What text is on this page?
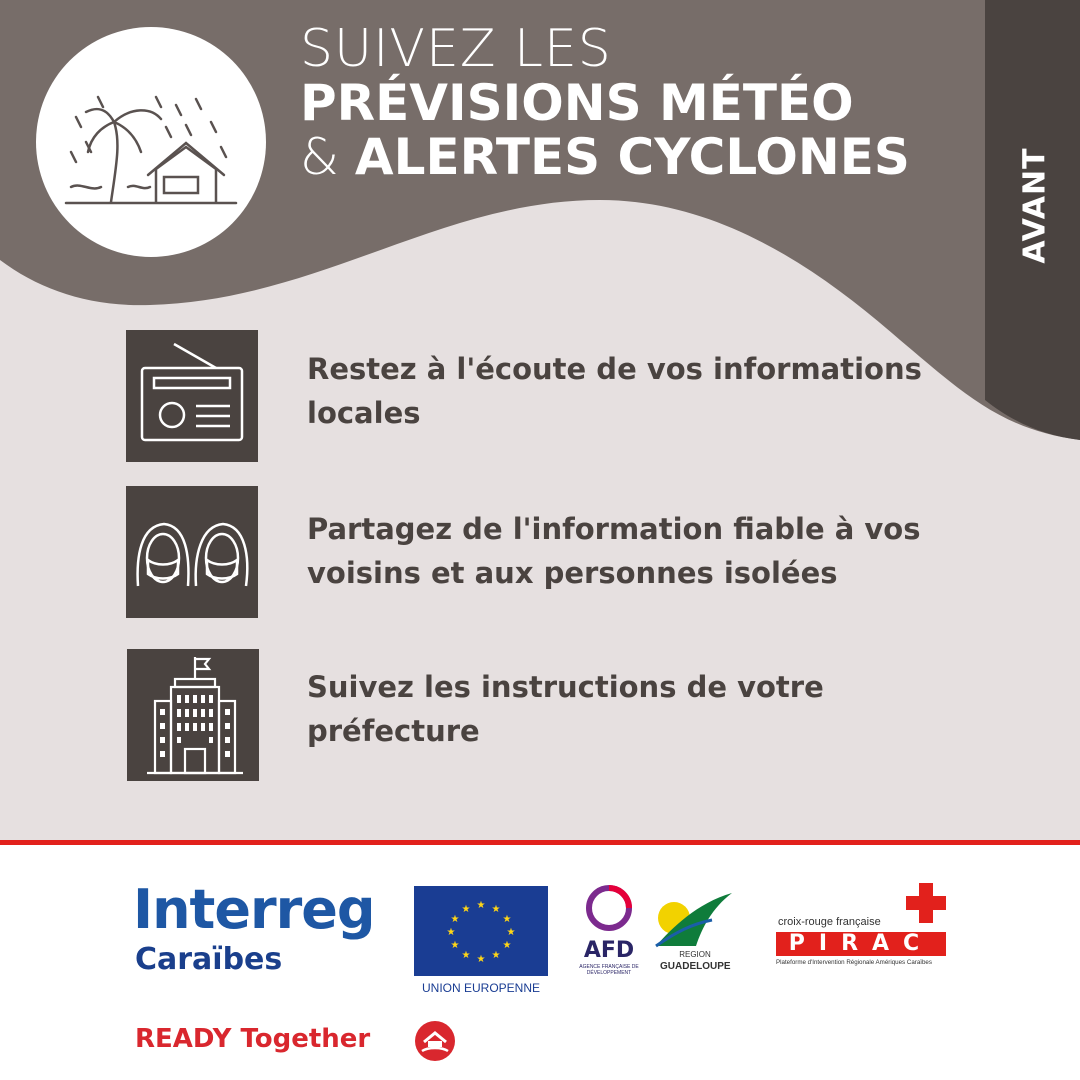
SUIVEZ LES
PRÉVISIONS MÉTÉO
& ALERTES CYCLONES	AVANT
Restez à l'écoute de vos informations locales
Partagez de l'information fiable à vos voisins et aux personnes isolées
Suivez les instructions de votre préfecture
Interreg
Caraïbes
★ ★
★
★
★
★
★
★
★
★
★
★
UNION EUROPENNE
AFD
AGENCE FRANÇAISE DE DÉVELOPPEMENT
REGION
GUADELOUPE
croix-rouge française
PIRAC
Plateforme d'Intervention Régionale Amériques Caraïbes
READY Together
